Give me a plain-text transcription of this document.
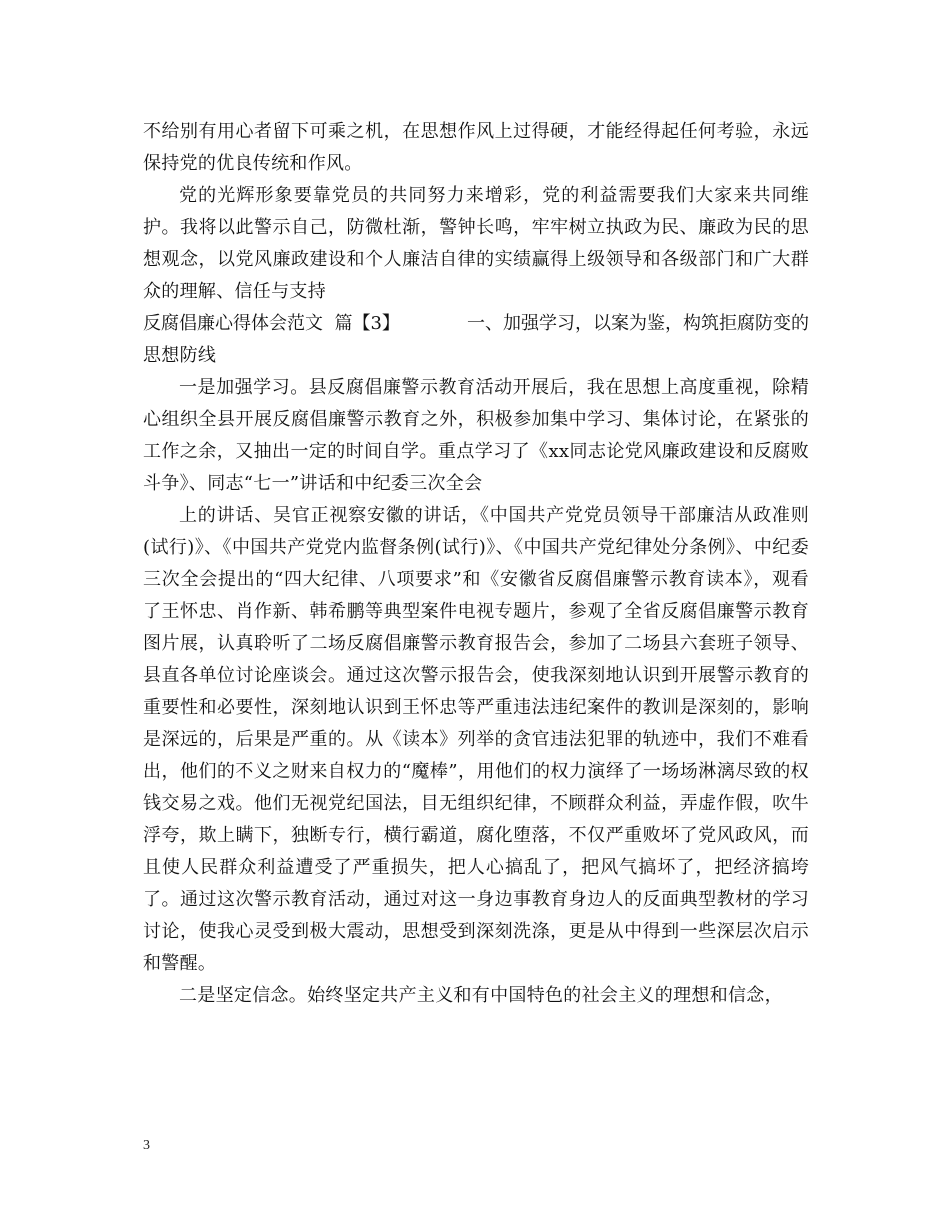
不给别有用心者留下可乘之机，在思想作风上过得硬，才能经得起任何考验，永远保持党的优良传统和作风。

党的光辉形象要靠党员的共同努力来增彩，党的利益需要我们大家来共同维护。我将以此警示自己，防微杜渐，警钟长鸣，牢牢树立执政为民、廉政为民的思想观念，以党风廉政建设和个人廉洁自律的实绩赢得上级领导和各级部门和广大群众的理解、信任与支持

反腐倡廉心得体会范文 篇【3】	一、加强学习，以案为鉴，构筑拒腐防变的

思想防线

一是加强学习。县反腐倡廉警示教育活动开展后，我在思想上高度重视，除精心组织全县开展反腐倡廉警示教育之外，积极参加集中学习、集体讨论，在紧张的工作之余，又抽出一定的时间自学。重点学习了《xx同志论党风廉政建设和反腐败斗争》、同志“七一”讲话和中纪委三次全会

上的讲话、吴官正视察安徽的讲话，《中国共产党党员领导干部廉洁从政准则(试行)》、《中国共产党党内监督条例(试行)》、《中国共产党纪律处分条例》、中纪委三次全会提出的“四大纪律、八项要求”和《安徽省反腐倡廉警示教育读本》，观看了王怀忠、肖作新、韩希鹏等典型案件电视专题片，参观了全省反腐倡廉警示教育图片展，认真聆听了二场反腐倡廉警示教育报告会，参加了二场县六套班子领导、县直各单位讨论座谈会。通过这次警示报告会，使我深刻地认识到开展警示教育的重要性和必要性，深刻地认识到王怀忠等严重违法违纪案件的教训是深刻的，影响是深远的，后果是严重的。从《读本》列举的贪官违法犯罪的轨迹中，我们不难看出，他们的不义之财来自权力的“魔棒”，用他们的权力演绎了一场场淋漓尽致的权钱交易之戏。他们无视党纪国法，目无组织纪律，不顾群众利益，弄虚作假，吹牛浮夸，欺上瞒下，独断专行，横行霸道，腐化堕落，不仅严重败坏了党风政风，而且使人民群众利益遭受了严重损失，把人心搞乱了，把风气搞坏了，把经济搞垮了。通过这次警示教育活动，通过对这一身边事教育身边人的反面典型教材的学习讨论，使我心灵受到极大震动，思想受到深刻洗涤，更是从中得到一些深层次启示和警醒。

二是坚定信念。始终坚定共产主义和有中国特色的社会主义的理想和信念，

3
